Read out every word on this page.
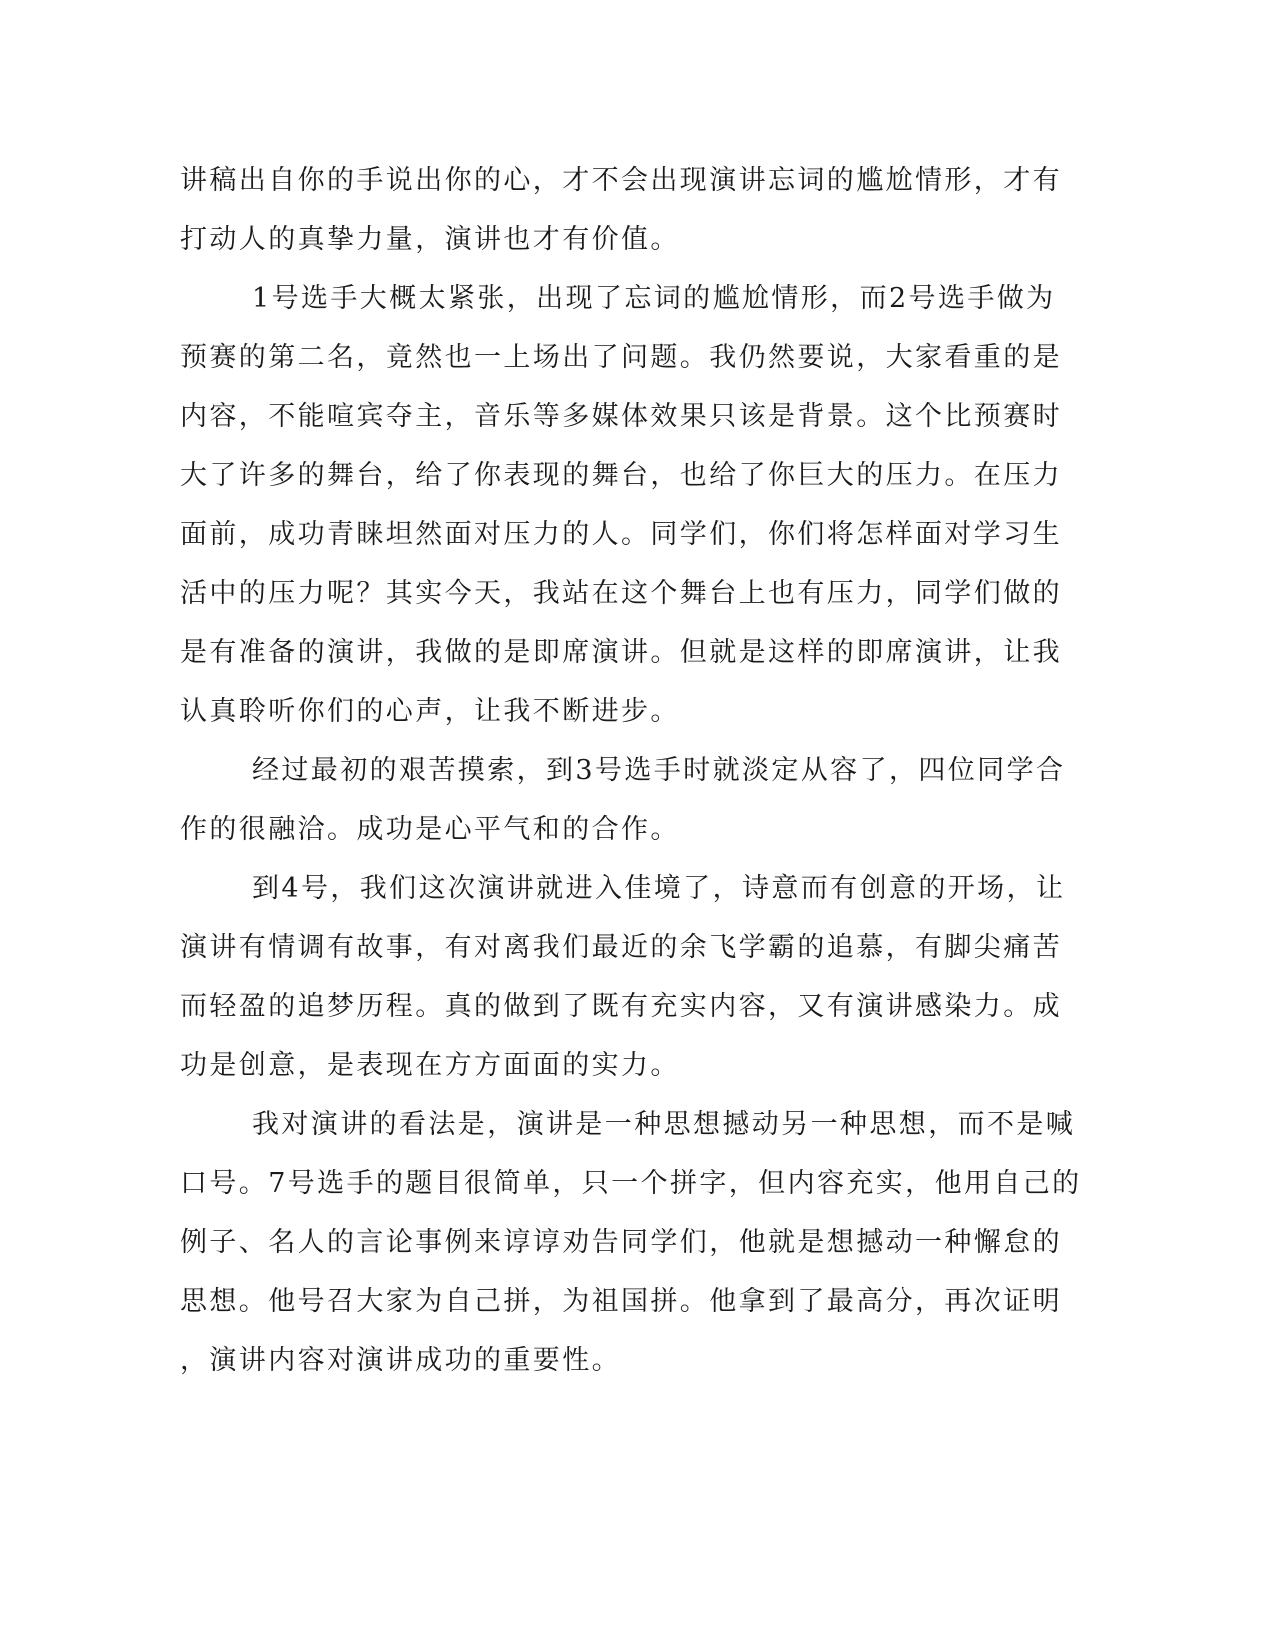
讲稿出自你的手说出你的心，才不会出现演讲忘词的尴尬情形，才有

打动人的真挚力量，演讲也才有价值。

1号选手大概太紧张，出现了忘词的尴尬情形，而2号选手做为

预赛的第二名，竟然也一上场出了问题。我仍然要说，大家看重的是

内容，不能喧宾夺主，音乐等多媒体效果只该是背景。这个比预赛时

大了许多的舞台，给了你表现的舞台，也给了你巨大的压力。在压力

面前，成功青睐坦然面对压力的人。同学们，你们将怎样面对学习生

活中的压力呢？其实今天，我站在这个舞台上也有压力，同学们做的

是有准备的演讲，我做的是即席演讲。但就是这样的即席演讲，让我

认真聆听你们的心声，让我不断进步。

经过最初的艰苦摸索，到3号选手时就淡定从容了，四位同学合

作的很融洽。成功是心平气和的合作。

到4号，我们这次演讲就进入佳境了，诗意而有创意的开场，让

演讲有情调有故事，有对离我们最近的余飞学霸的追慕，有脚尖痛苦

而轻盈的追梦历程。真的做到了既有充实内容，又有演讲感染力。成

功是创意，是表现在方方面面的实力。

我对演讲的看法是，演讲是一种思想撼动另一种思想，而不是喊

口号。7号选手的题目很简单，只一个拼字，但内容充实，他用自己的

例子、名人的言论事例来谆谆劝告同学们，他就是想撼动一种懈怠的

思想。他号召大家为自己拼，为祖国拼。他拿到了最高分，再次证明

，演讲内容对演讲成功的重要性。
